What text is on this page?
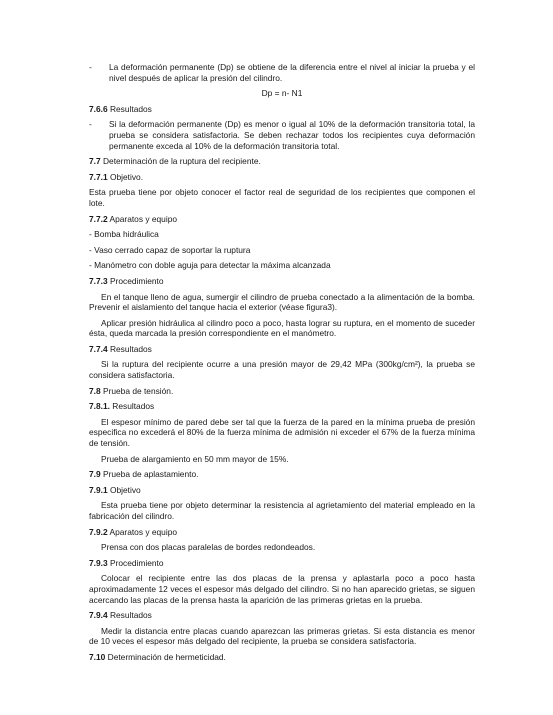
-	La deformación permanente (Dp) se obtiene de la diferencia entre el nivel al iniciar la prueba y el nivel después de aplicar la presión del cilindro.

Dp = n- N1

7.6.6 Resultados

-	Si la deformación permanente (Dp) es menor o igual al 10% de la deformación transitoria total, la prueba se considera satisfactoria. Se deben rechazar todos los recipientes cuya deformación permanente exceda al 10% de la deformación transitoria total.

7.7 Determinación de la ruptura del recipiente.

7.7.1 Objetivo.

Esta prueba tiene por objeto conocer el factor real de seguridad de los recipientes que componen el lote.

7.7.2 Aparatos y equipo

- Bomba hidráulica

- Vaso cerrado capaz de soportar la ruptura

- Manómetro con doble aguja para detectar la máxima alcanzada

7.7.3 Procedimiento

En el tanque lleno de agua, sumergir el cilindro de prueba conectado a la alimentación de la bomba. Prevenir el aislamiento del tanque hacia el exterior (véase figura3).

Aplicar presión hidráulica al cilindro poco a poco, hasta lograr su ruptura, en el momento de suceder ésta, queda marcada la presión correspondiente en el manómetro.

7.7.4 Resultados

Si la ruptura del recipiente ocurre a una presión mayor de 29,42 MPa (300kg/cm²), la prueba se considera satisfactoria.

7.8 Prueba de tensión.

7.8.1. Resultados

El espesor mínimo de pared debe ser tal que la fuerza de la pared en la mínima prueba de presión especifica no excederá el 80% de la fuerza mínima de admisión ni exceder el 67% de la fuerza mínima de tensión.

Prueba de alargamiento en 50 mm mayor de 15%.

7.9 Prueba de aplastamiento.

7.9.1 Objetivo

Esta prueba tiene por objeto determinar la resistencia al agrietamiento del material empleado en la fabricación del cilindro.

7.9.2 Aparatos y equipo

Prensa con dos placas paralelas de bordes redondeados.

7.9.3 Procedimiento

Colocar el recipiente entre las dos placas de la prensa y aplastarla poco a poco hasta aproximadamente 12 veces el espesor más delgado del cilindro. Si no han aparecido grietas, se siguen acercando las placas de la prensa hasta la aparición de las primeras grietas en la prueba.

7.9.4 Resultados

Medir la distancia entre placas cuando aparezcan las primeras grietas. Si esta distancia es menor de 10 veces el espesor más delgado del recipiente, la prueba se considera satisfactoria.

7.10 Determinación de hermeticidad.
